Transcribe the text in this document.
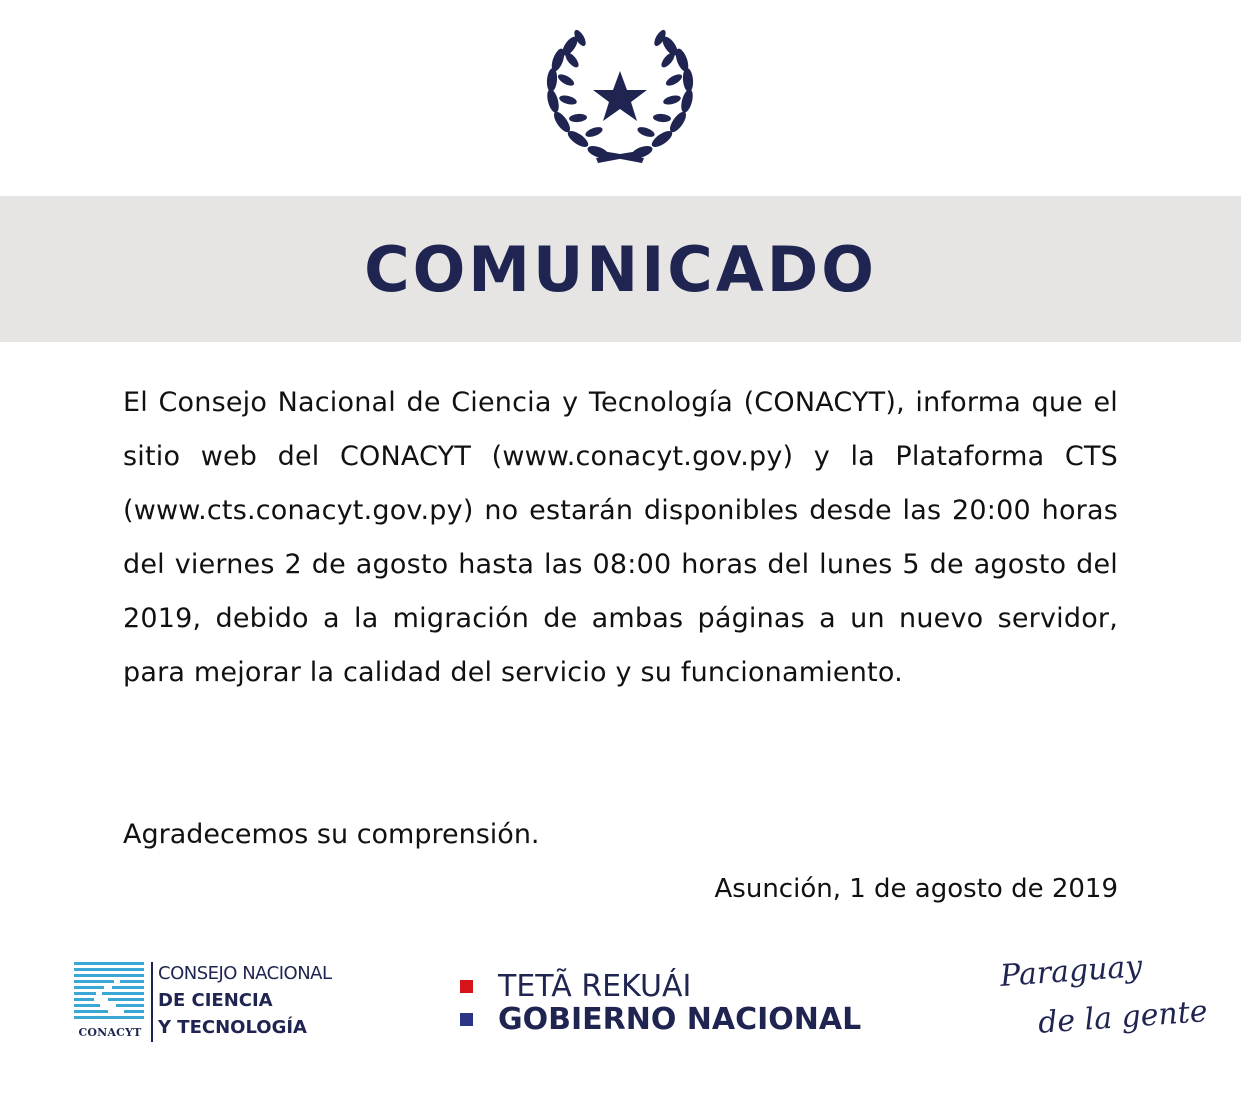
COMUNICADO

El Consejo Nacional de Ciencia y Tecnología (CONACYT), informa que el sitio web del CONACYT (www.conacyt.gov.py) y la Plataforma CTS (www.cts.conacyt.gov.py) no estarán disponibles desde las 20:00 horas del viernes 2 de agosto hasta las 08:00 horas del lunes 5 de agosto del 2019, debido a la migración de ambas páginas a un nuevo servidor, para mejorar la calidad del servicio y su funcionamiento.

Agradecemos su comprensión.
Asunción, 1 de agosto de 2019
CONACYT
CONSEJO NACIONAL
DE CIENCIA
Y TECNOLOGÍA
TETÃ REKUÁI
GOBIERNO NACIONAL
Paraguay
de la gente
